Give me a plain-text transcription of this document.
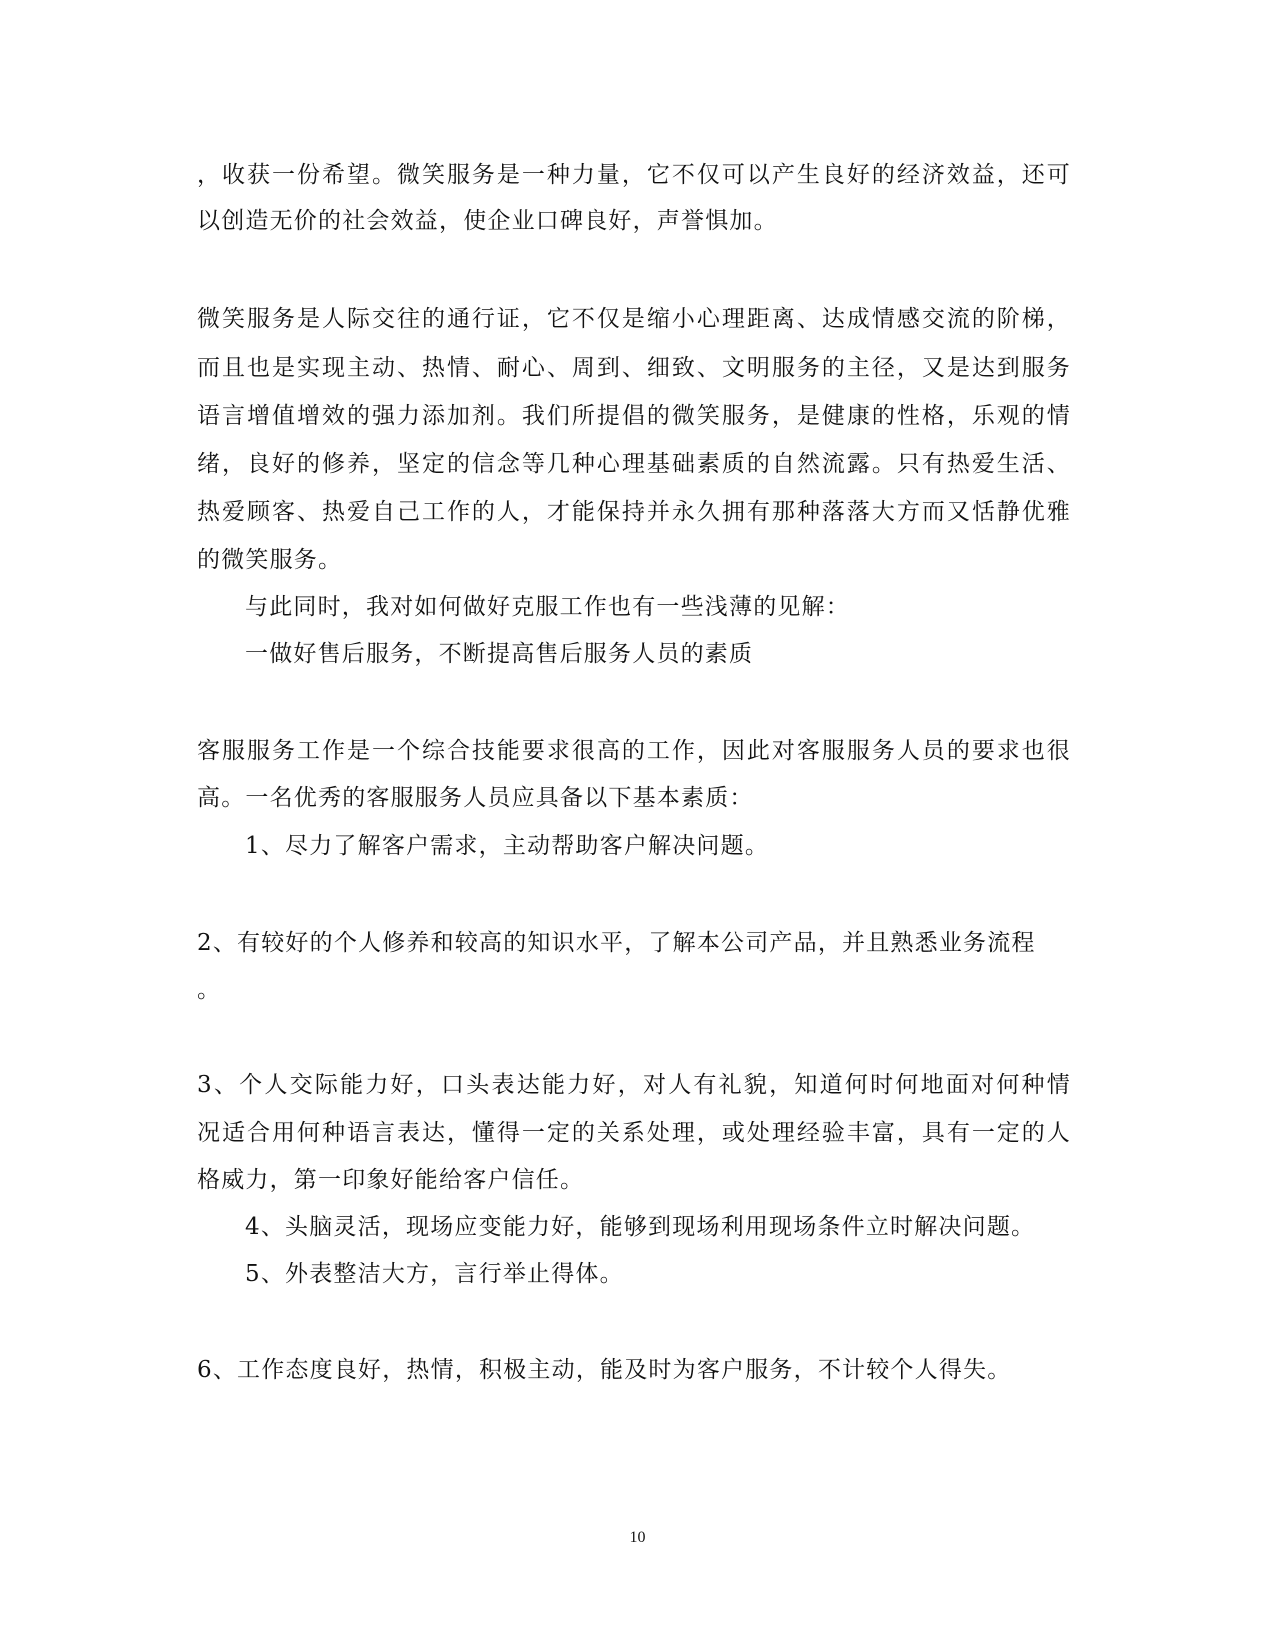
，收获一份希望。微笑服务是一种力量，它不仅可以产生良好的经济效益，还可
以创造无价的社会效益，使企业口碑良好，声誉惧加。
微笑服务是人际交往的通行证，它不仅是缩小心理距离、达成情感交流的阶梯，
而且也是实现主动、热情、耐心、周到、细致、文明服务的主径，又是达到服务
语言增值增效的强力添加剂。我们所提倡的微笑服务，是健康的性格，乐观的情
绪，良好的修养，坚定的信念等几种心理基础素质的自然流露。只有热爱生活、
热爱顾客、热爱自己工作的人，才能保持并永久拥有那种落落大方而又恬静优雅
的微笑服务。
与此同时，我对如何做好克服工作也有一些浅薄的见解：
一做好售后服务，不断提高售后服务人员的素质
客服服务工作是一个综合技能要求很高的工作，因此对客服服务人员的要求也很
高。一名优秀的客服服务人员应具备以下基本素质：
1、尽力了解客户需求，主动帮助客户解决问题。
2、有较好的个人修养和较高的知识水平，了解本公司产品，并且熟悉业务流程
。
3、个人交际能力好，口头表达能力好，对人有礼貌，知道何时何地面对何种情
况适合用何种语言表达，懂得一定的关系处理，或处理经验丰富，具有一定的人
格威力，第一印象好能给客户信任。
4、头脑灵活，现场应变能力好，能够到现场利用现场条件立时解决问题。
5、外表整洁大方，言行举止得体。
6、工作态度良好，热情，积极主动，能及时为客户服务，不计较个人得失。
10
